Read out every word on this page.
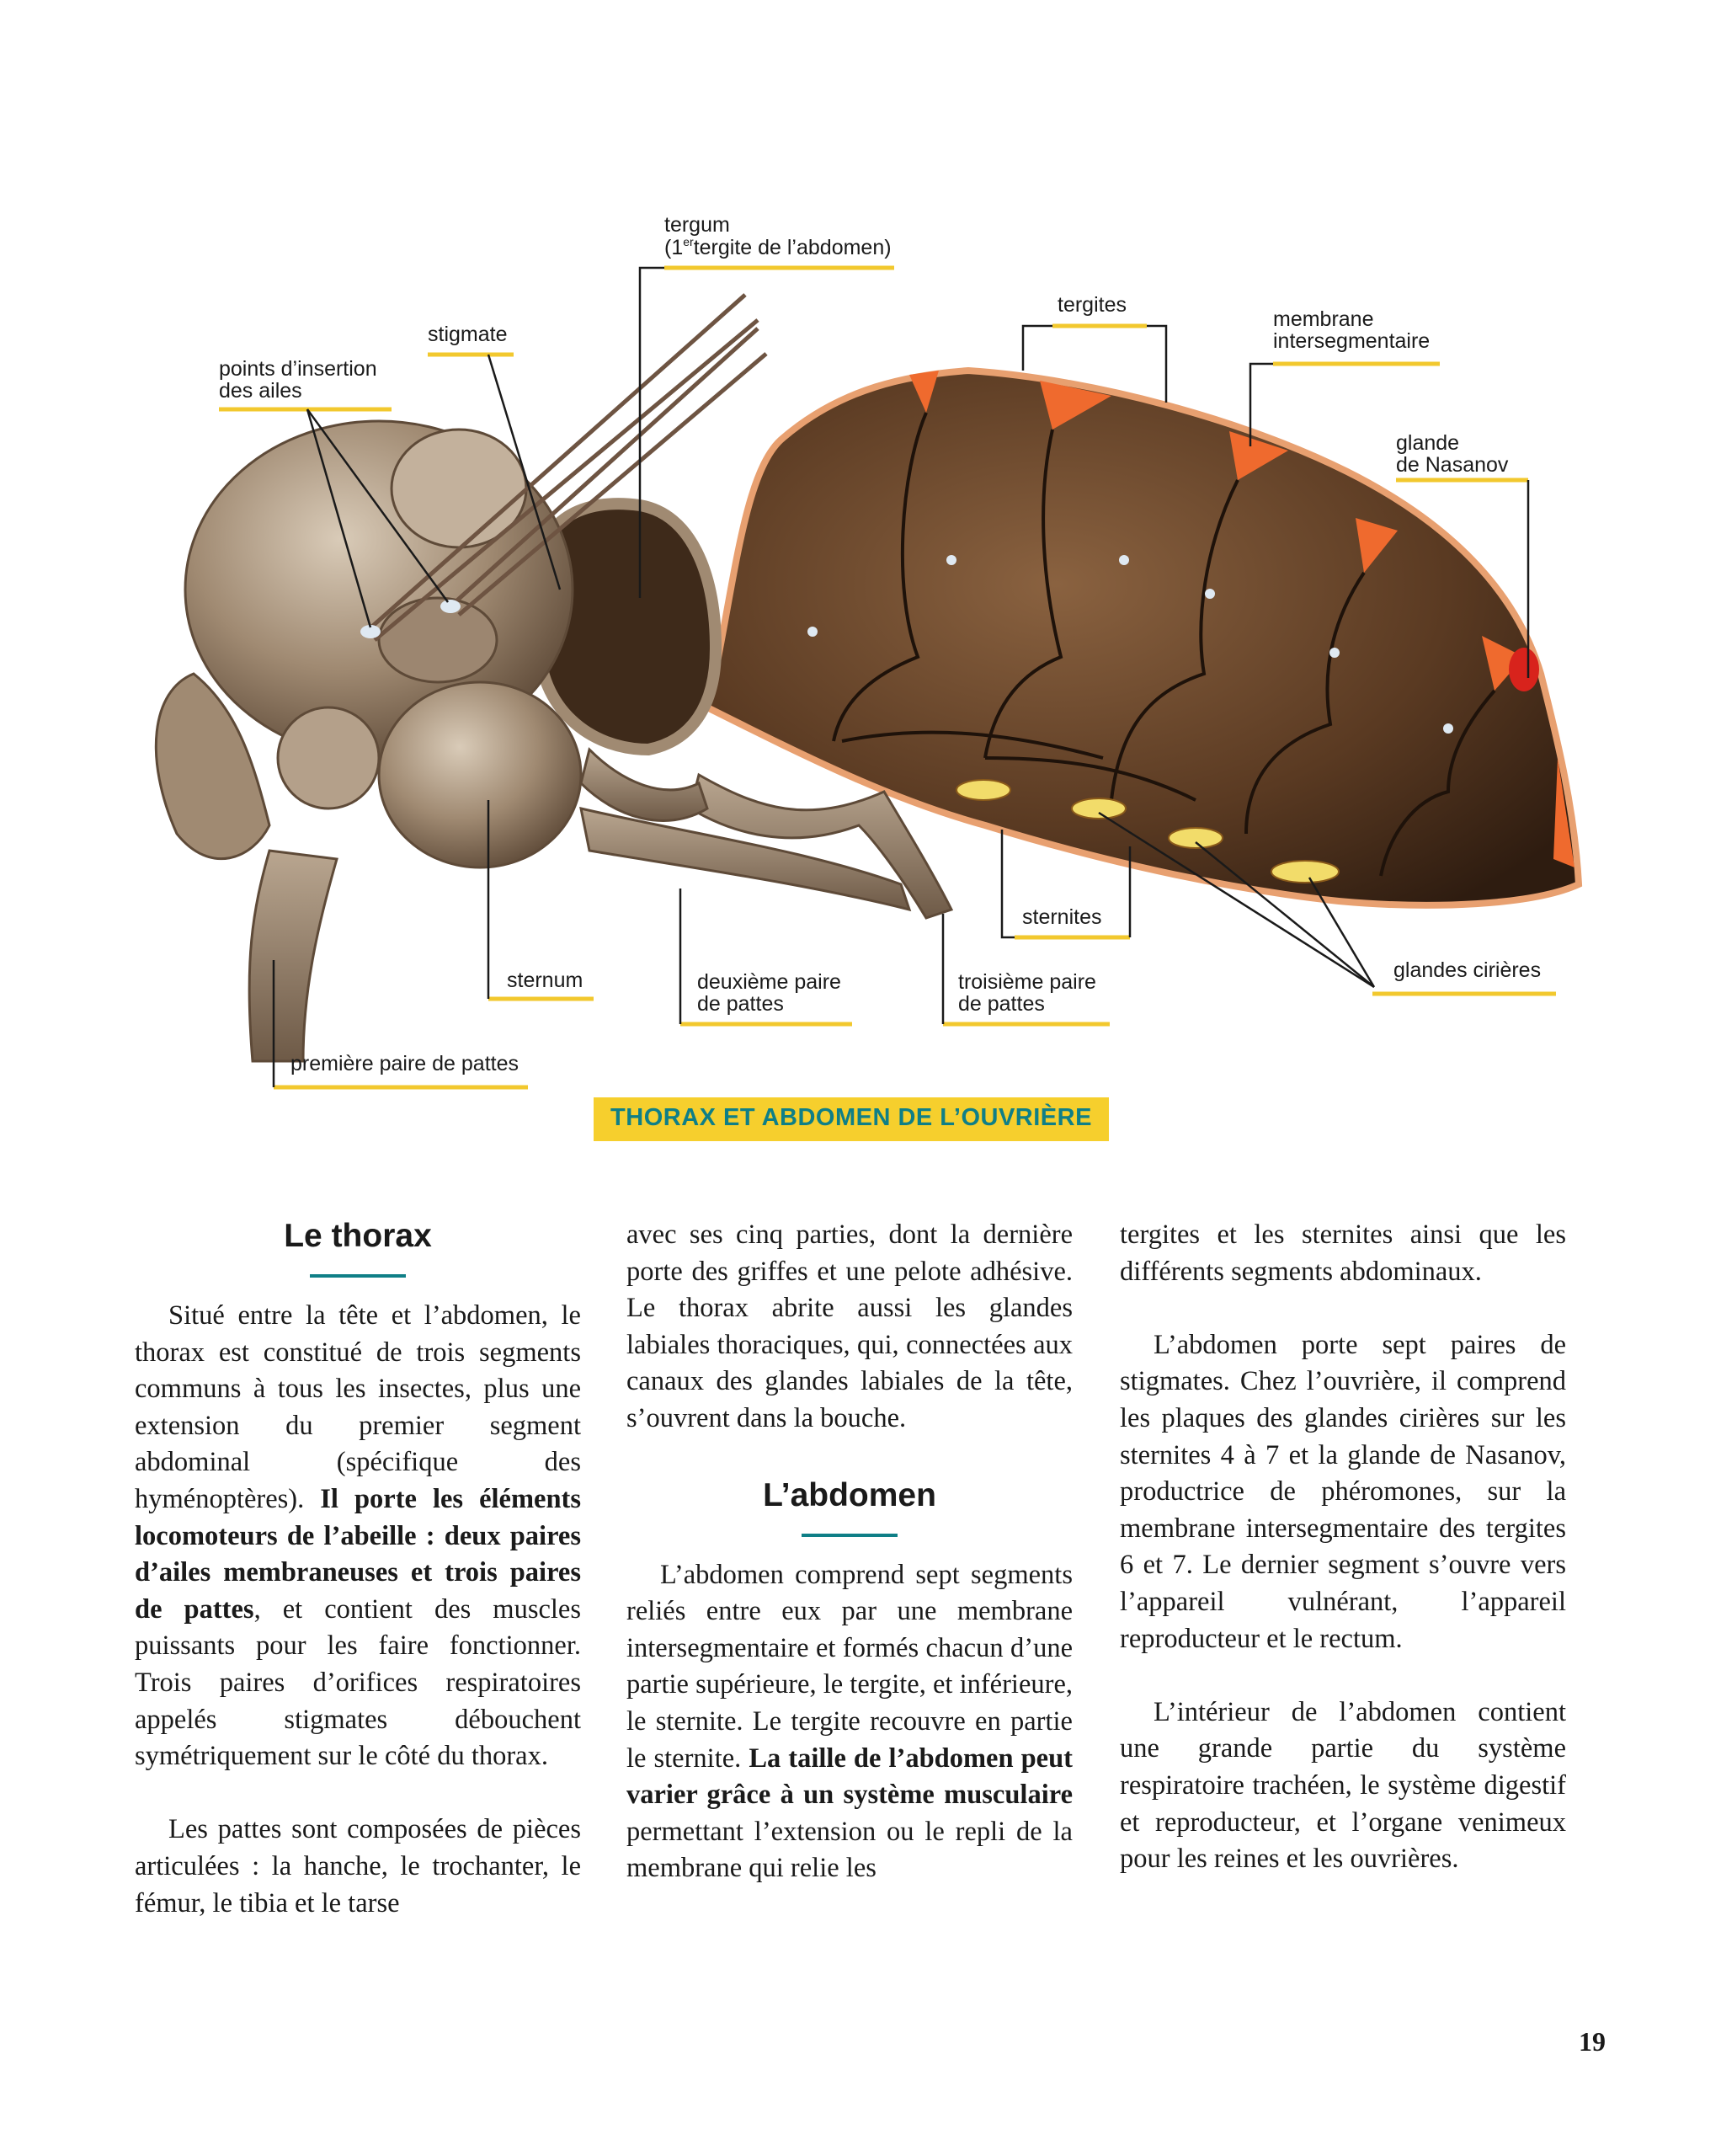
tergum
(1ertergite de l’abdomen)
stigmate
points d’insertion
des ailes
tergites
membrane
intersegmentaire
glande
de Nasanov
sternites
glandes cirières
sternum	deuxième paire
de pattes
troisième paire
de pattes
première paire de pattes
THORAX ET ABDOMEN DE L’OUVRIÈRE
Le thorax

Situé entre la tête et l’abdomen, le thorax est constitué de trois segments communs à tous les insectes, plus une extension du premier segment abdominal (spécifique des hyménoptères). Il porte les éléments locomoteurs de l’abeille : deux paires d’ailes membraneuses et trois paires de pattes, et contient des muscles puissants pour les faire fonctionner. Trois paires d’orifices respiratoires appelés stigmates débouchent symétriquement sur le côté du thorax.

Les pattes sont composées de pièces articulées : la hanche, le trochanter, le fémur, le tibia et le tarse

avec ses cinq parties, dont la dernière porte des griffes et une pelote adhésive. Le thorax abrite aussi les glandes labiales thoraciques, qui, connectées aux canaux des glandes labiales de la tête, s’ouvrent dans la bouche.

L’abdomen

L’abdomen comprend sept segments reliés entre eux par une membrane intersegmentaire et formés chacun d’une partie supérieure, le tergite, et inférieure, le sternite. Le tergite recouvre en partie le sternite. La taille de l’abdomen peut varier grâce à un système musculaire permettant l’extension ou le repli de la membrane qui relie les

tergites et les sternites ainsi que les différents segments abdominaux.

L’abdomen porte sept paires de stigmates. Chez l’ouvrière, il comprend les plaques des glandes cirières sur les sternites 4 à 7 et la glande de Nasanov, productrice de phéromones, sur la membrane intersegmentaire des tergites 6 et 7. Le dernier segment s’ouvre vers l’appareil vulnérant, l’appareil reproducteur et le rectum.

L’intérieur de l’abdomen contient une grande partie du système respiratoire trachéen, le système digestif et reproducteur, et l’organe venimeux pour les reines et les ouvrières.

19
